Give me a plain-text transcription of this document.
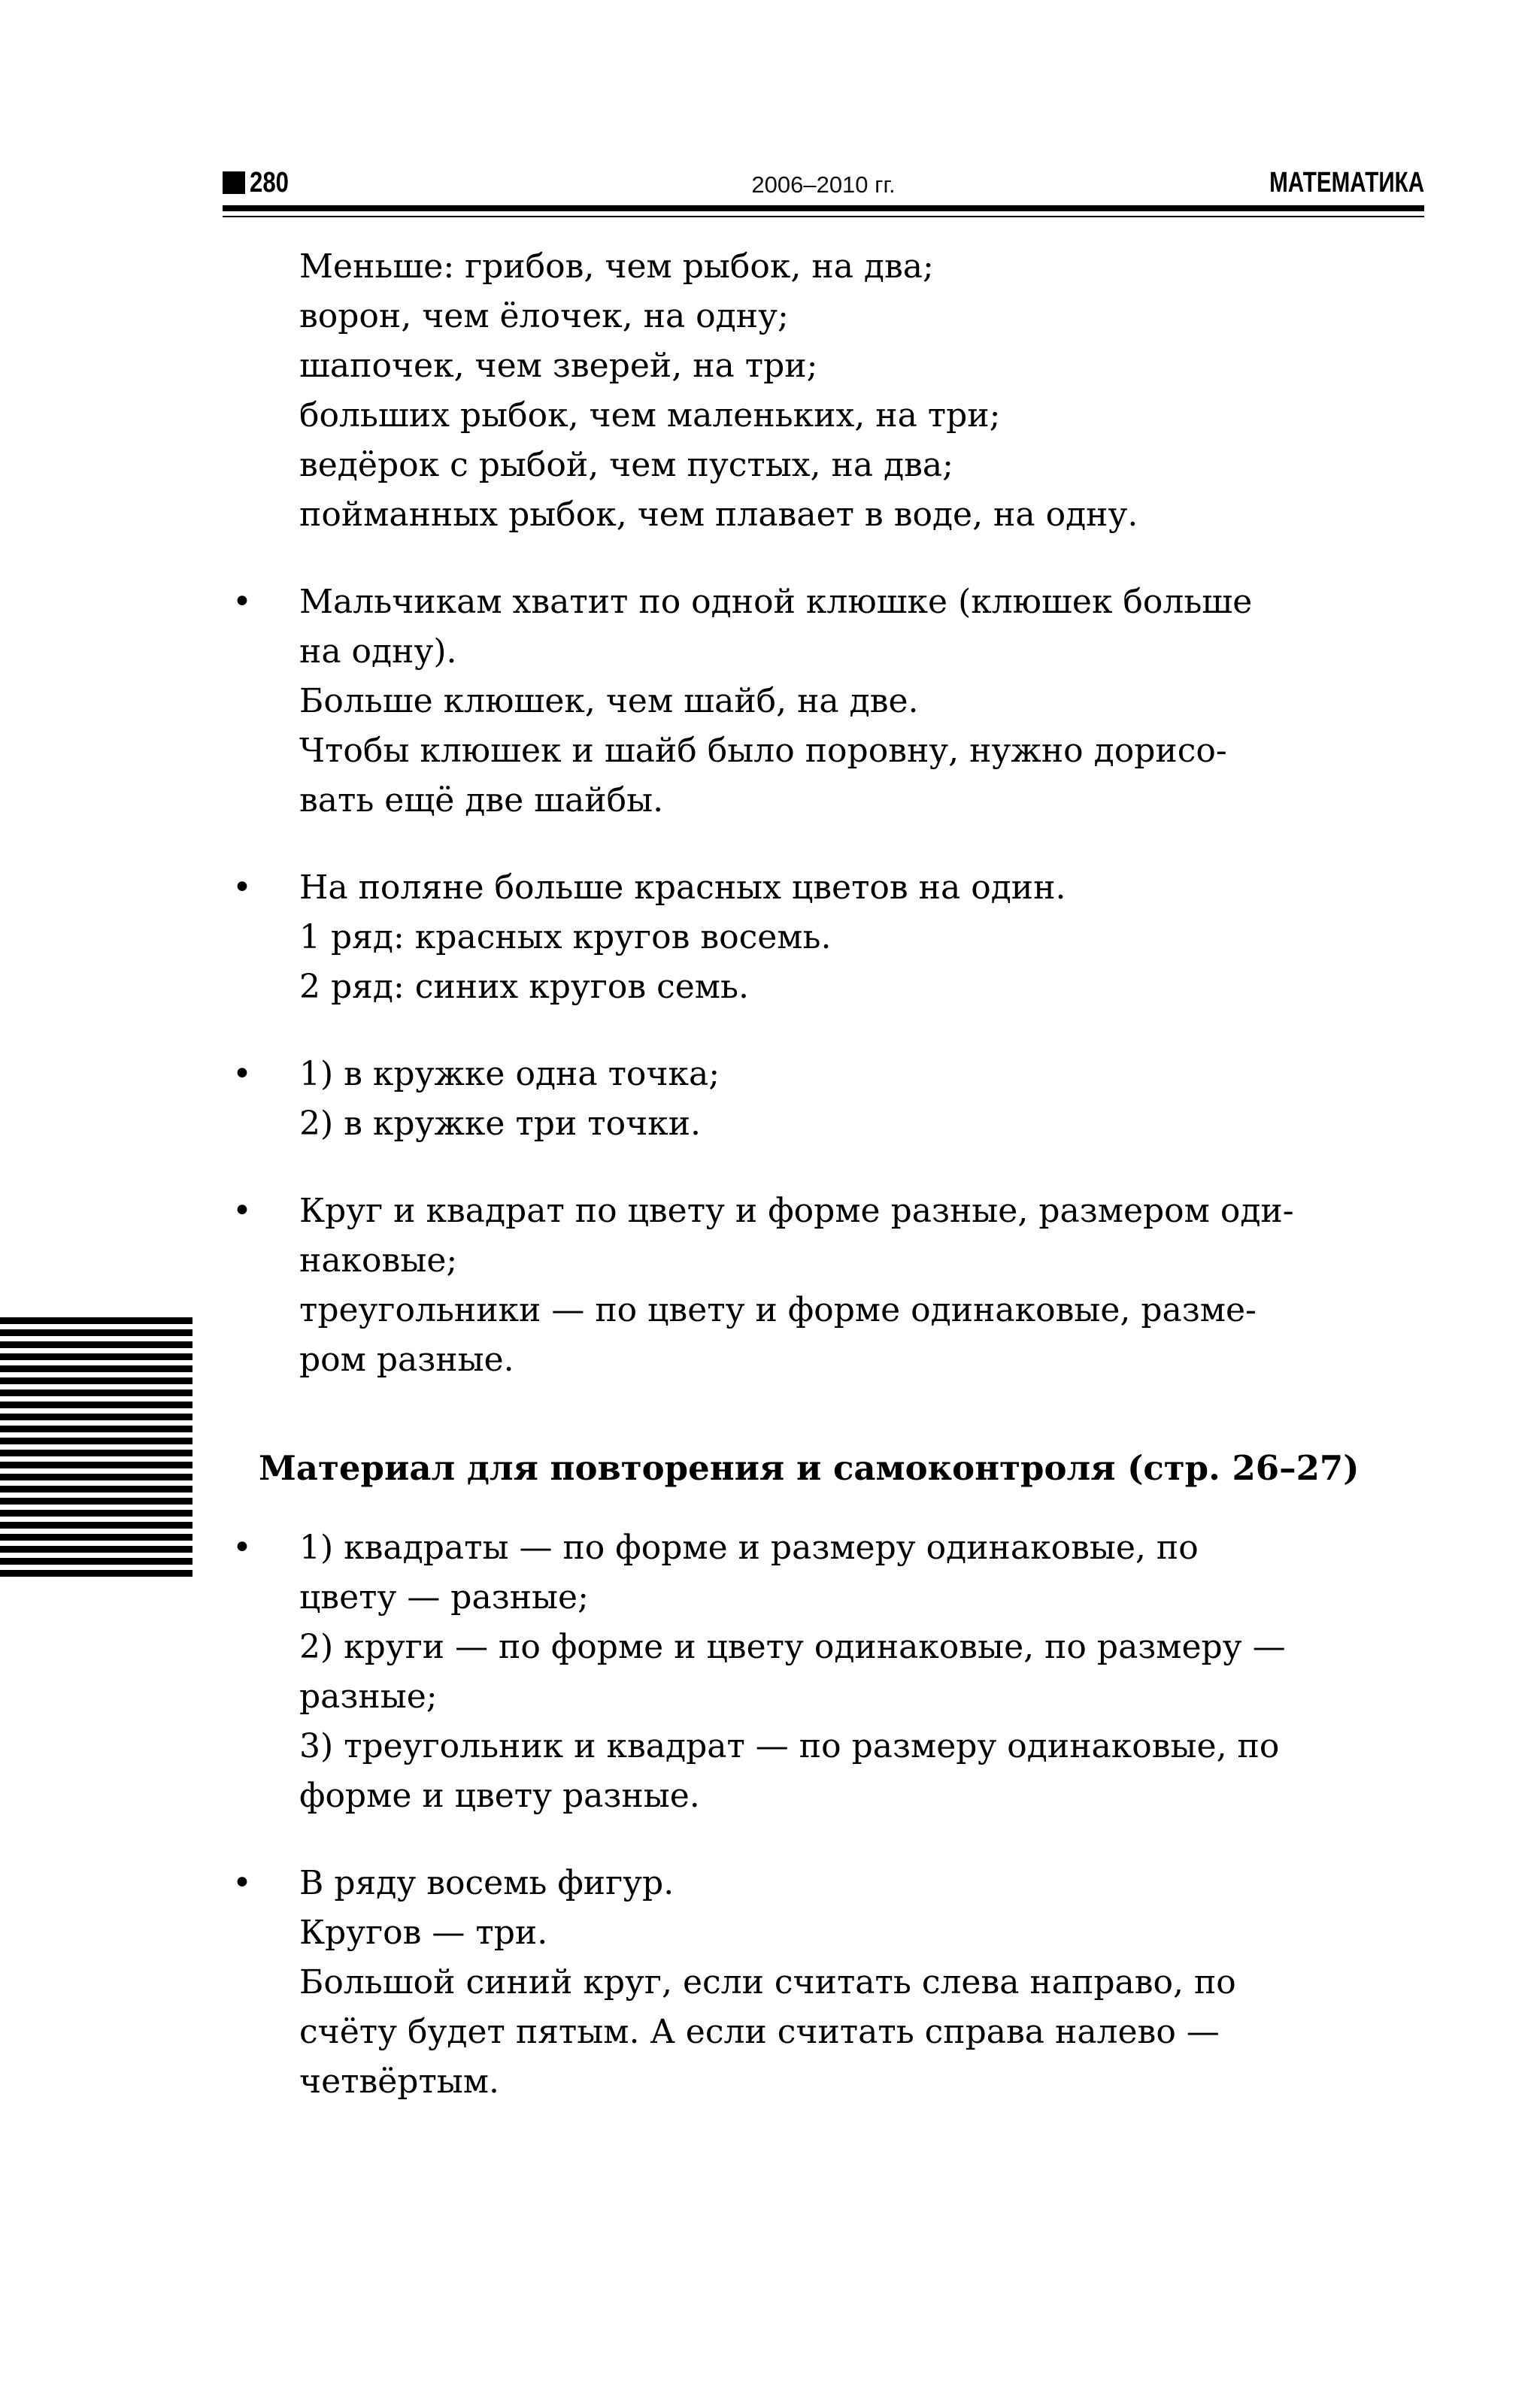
280	2006–2010 гг.	МАТЕМАТИКА
Меньше: грибов, чем рыбок, на два;
ворон, чем ёлочек, на одну;
шапочек, чем зверей, на три;
больших рыбок, чем маленьких, на три;
ведёрок с рыбой, чем пустых, на два;
пойманных рыбок, чем плавает в воде, на одну.
• Мальчикам хватит по одной клюшке (клюшек больше
на одну).
Больше клюшек, чем шайб, на две.
Чтобы клюшек и шайб было поровну, нужно дорисо-
вать ещё две шайбы.
• На поляне больше красных цветов на один.
1 ряд: красных кругов восемь.
2 ряд: синих кругов семь.
• 1) в кружке одна точка;
2) в кружке три точки.
• Круг и квадрат по цвету и форме разные, размером оди-
наковые;
треугольники — по цвету и форме одинаковые, разме-
ром разные.
Материал для повторения и самоконтроля (стр. 26–27)
• 1) квадраты — по форме и размеру одинаковые, по
цвету — разные;
2) круги — по форме и цвету одинаковые, по размеру —
разные;
3) треугольник и квадрат — по размеру одинаковые, по
форме и цвету разные.
• В ряду восемь фигур.
Кругов — три.
Большой синий круг, если считать слева направо, по
счёту будет пятым. А если считать справа налево —
четвёртым.
